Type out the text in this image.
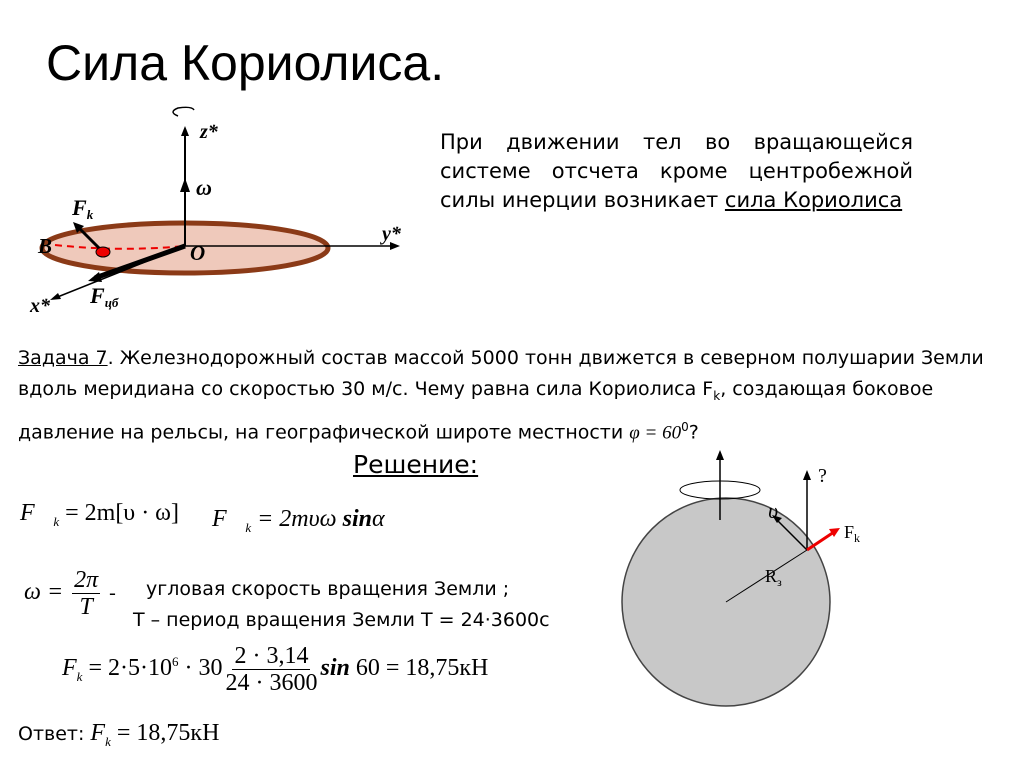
Сила Кориолиса.
При движении тел во вращающейся системе отсчета кроме центробежной силы инерции возникает сила Кориолиса
z*
y*
x*
ω
Fk
Fцб
B	O
Задача 7. Железнодорожный состав массой 5000 тонн движется в северном полушарии Земли вдоль меридиана со скоростью 30 м/с. Чему равна сила Кориолиса $F_k$, создающая боковое давление на рельсы, на географической широте местности $\varphi = 60^0$?
Решение:
$F⃗_k = 2m[\upsilon \cdot \omega]$ $F⃗_k = 2m\upsilon\omega$ sinα
$\omega = \frac{2\pi}{T}$ - угловая скорость вращения Земли ;
Т – период вращения Земли Т = 24·3600с
$F_k = 2\cdot 5\cdot 10^6 \cdot 30 \frac{2 \cdot 3,14}{24 \cdot 3600}$ sin 60 = 18,75кН
Ответ: $F_k = 18,75кН$
?
υ
$F_k$
$R_з$
